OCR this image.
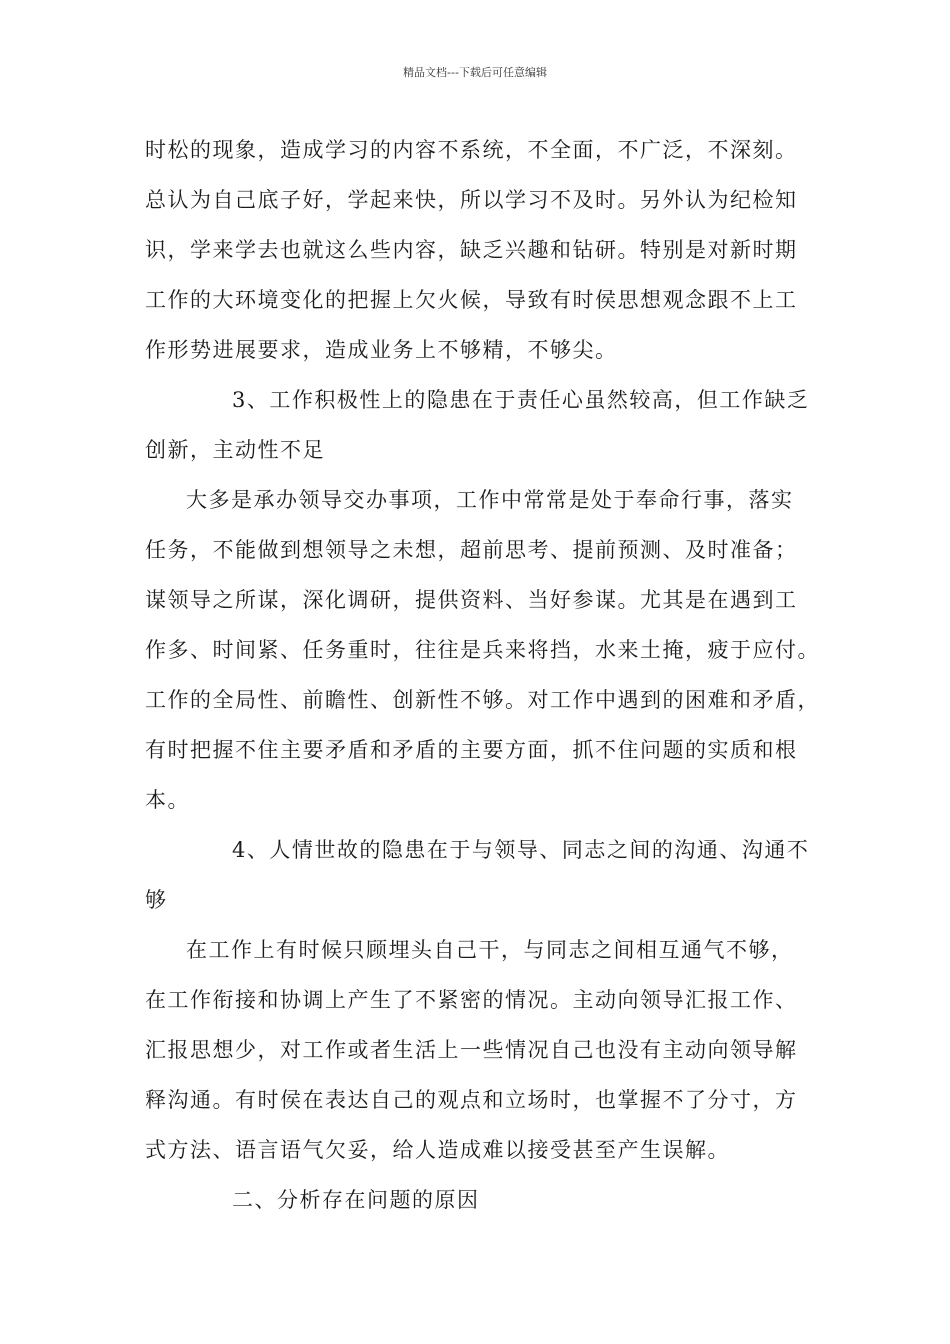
精品文档---下载后可任意编辑
时松的现象，造成学习的内容不系统，不全面，不广泛，不深刻。
总认为自己底子好，学起来快，所以学习不及时。另外认为纪检知
识，学来学去也就这么些内容，缺乏兴趣和钻研。特别是对新时期
工作的大环境变化的把握上欠火候，导致有时侯思想观念跟不上工
作形势进展要求，造成业务上不够精，不够尖。
3、工作积极性上的隐患在于责任心虽然较高，但工作缺乏
创新，主动性不足
大多是承办领导交办事项，工作中常常是处于奉命行事，落实
任务，不能做到想领导之未想，超前思考、提前预测、及时准备；
谋领导之所谋，深化调研，提供资料、当好参谋。尤其是在遇到工
作多、时间紧、任务重时，往往是兵来将挡，水来土掩，疲于应付。
工作的全局性、前瞻性、创新性不够。对工作中遇到的困难和矛盾，
有时把握不住主要矛盾和矛盾的主要方面，抓不住问题的实质和根
本。
4、人情世故的隐患在于与领导、同志之间的沟通、沟通不
够
在工作上有时候只顾埋头自己干，与同志之间相互通气不够，
在工作衔接和协调上产生了不紧密的情况。主动向领导汇报工作、
汇报思想少，对工作或者生活上一些情况自己也没有主动向领导解
释沟通。有时侯在表达自己的观点和立场时，也掌握不了分寸，方
式方法、语言语气欠妥，给人造成难以接受甚至产生误解。
二、分析存在问题的原因
